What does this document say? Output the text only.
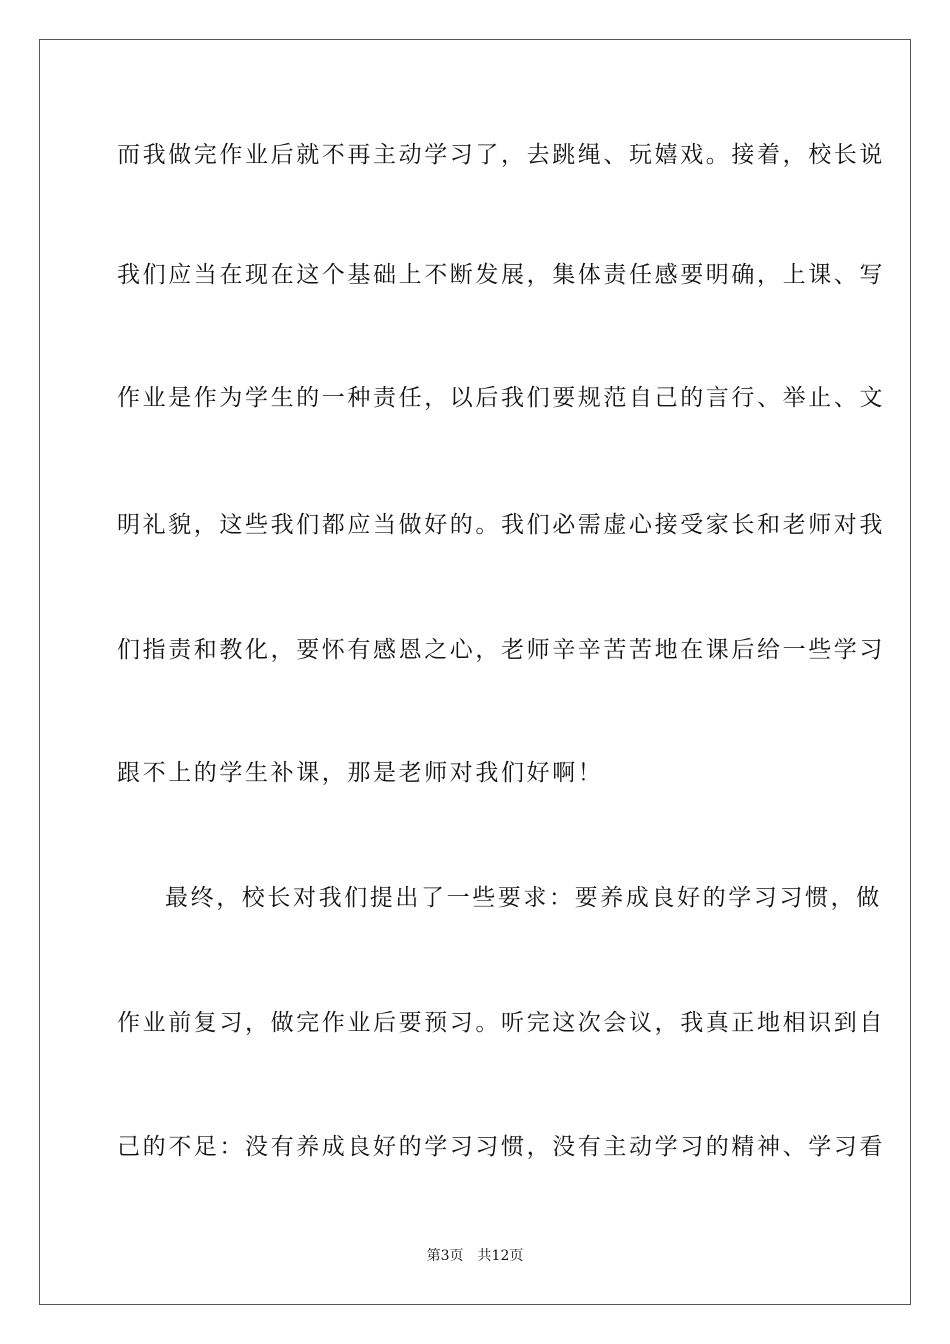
而我做完作业后就不再主动学习了，去跳绳、玩嬉戏。接着，校长说
我们应当在现在这个基础上不断发展，集体责任感要明确，上课、写
作业是作为学生的一种责任，以后我们要规范自己的言行、举止、文
明礼貌，这些我们都应当做好的。我们必需虚心接受家长和老师对我
们指责和教化，要怀有感恩之心，老师辛辛苦苦地在课后给一些学习
跟不上的学生补课，那是老师对我们好啊！
最终，校长对我们提出了一些要求：要养成良好的学习习惯，做
作业前复习，做完作业后要预习。听完这次会议，我真正地相识到自
己的不足：没有养成良好的学习习惯，没有主动学习的精神、学习看
第3页 共12页
